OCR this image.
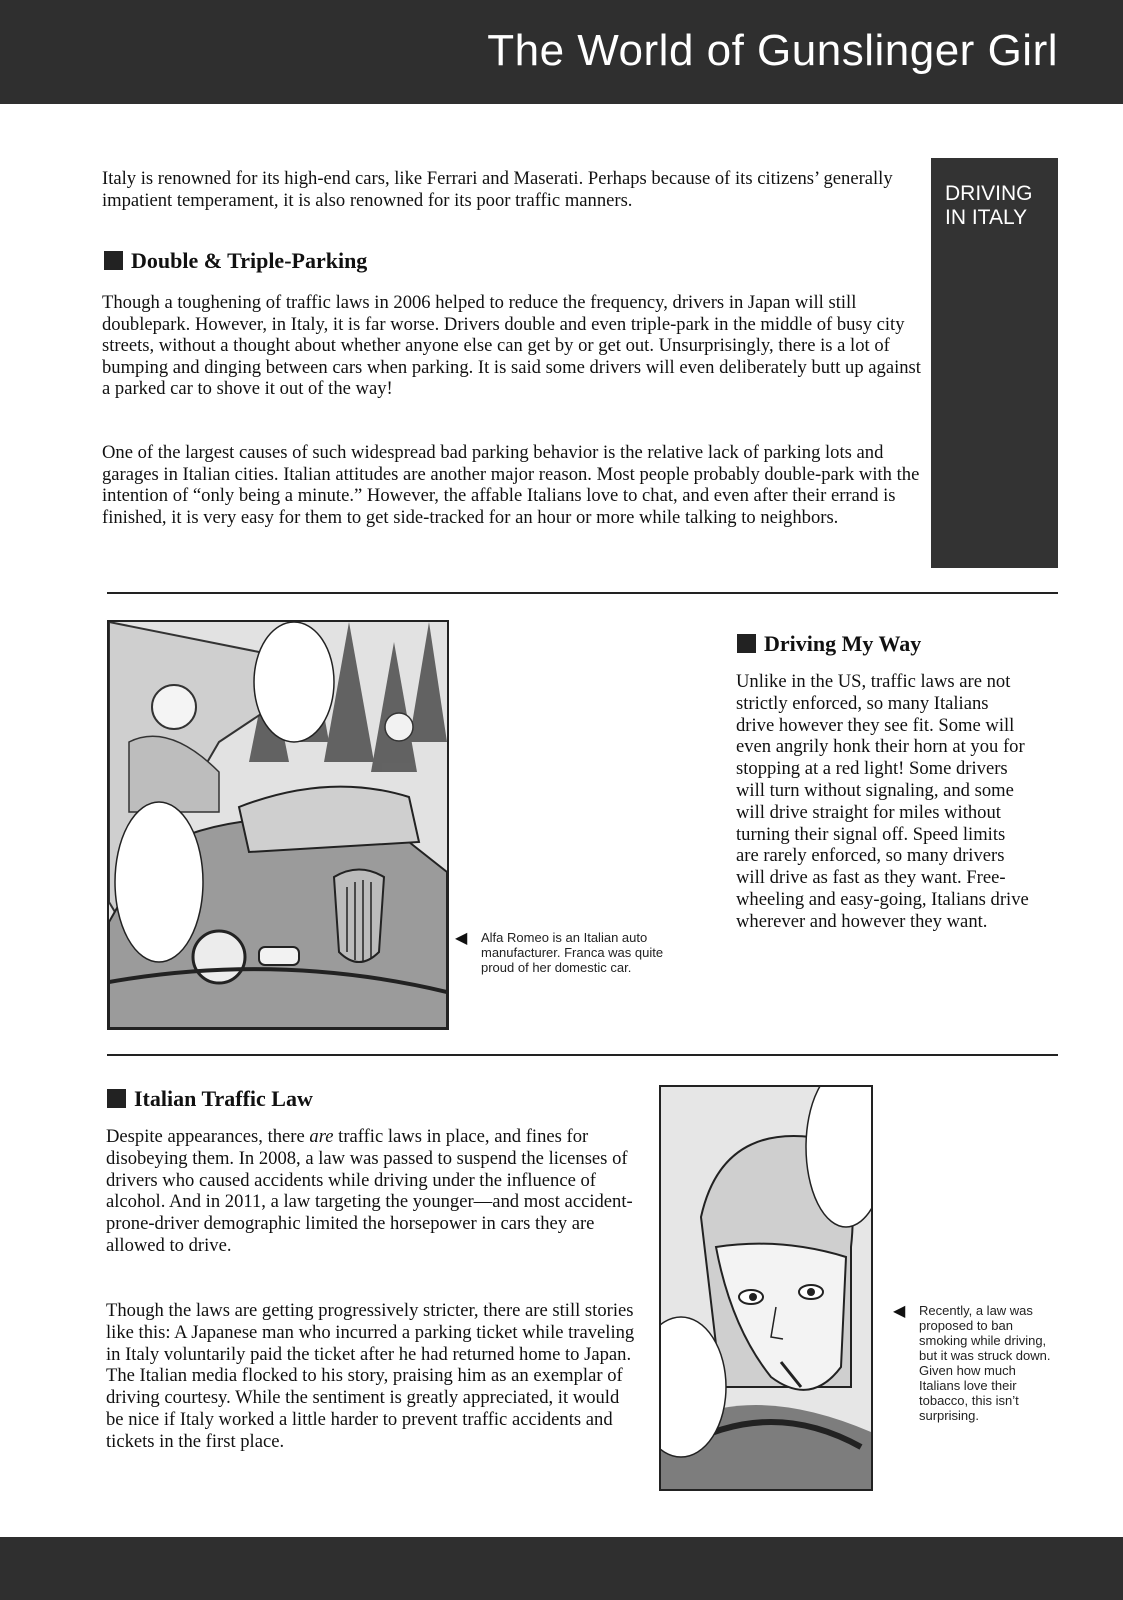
The World of Gunslinger Girl
DRIVING
IN ITALY

Italy is renowned for its high-end cars, like Ferrari and Maserati. Perhaps because of its citizens’ generally impatient temperament, it is also renowned for its poor traffic manners.

Double & Triple-Parking

Though a toughening of traffic laws in 2006 helped to reduce the frequency, drivers in Japan will still doublepark. However, in Italy, it is far worse. Drivers double and even triple-park in the middle of busy city streets, without a thought about whether anyone else can get by or get out. Unsurprisingly, there is a lot of bumping and dinging between cars when parking. It is said some drivers will even deliberately butt up against a parked car to shove it out of the way!

One of the largest causes of such widespread bad parking behavior is the relative lack of parking lots and garages in Italian cities. Italian attitudes are another major reason. Most people probably double-park with the intention of “only being a minute.” However, the affable Italians love to chat, and even after their errand is finished, it is very easy for them to get side-tracked for an hour or more while talking to neighbors.

◀ Alfa Romeo is an Italian auto manufacturer. Franca was quite proud of her domestic car.
Driving My Way

Unlike in the US, traffic laws are not strictly enforced, so many Italians drive however they see fit. Some will even angrily honk their horn at you for stopping at a red light! Some drivers will turn without signaling, and some will drive straight for miles without turning their signal off. Speed limits are rarely enforced, so many drivers will drive as fast as they want. Free-wheeling and easy-going, Italians drive wherever and however they want.

Italian Traffic Law

Despite appearances, there are traffic laws in place, and fines for disobeying them. In 2008, a law was passed to suspend the licenses of drivers who caused accidents while driving under the influence of alcohol. And in 2011, a law targeting the younger—and most accident-prone-driver demographic limited the horsepower in cars they are allowed to drive.

Though the laws are getting progressively stricter, there are still stories like this: A Japanese man who incurred a parking ticket while traveling in Italy voluntarily paid the ticket after he had returned home to Japan. The Italian media flocked to his story, praising him as an exemplar of driving courtesy. While the sentiment is greatly appreciated, it would be nice if Italy worked a little harder to prevent traffic accidents and tickets in the first place.

◀ Recently, a law was proposed to ban smoking while driving, but it was struck down. Given how much Italians love their tobacco, this isn’t surprising.
